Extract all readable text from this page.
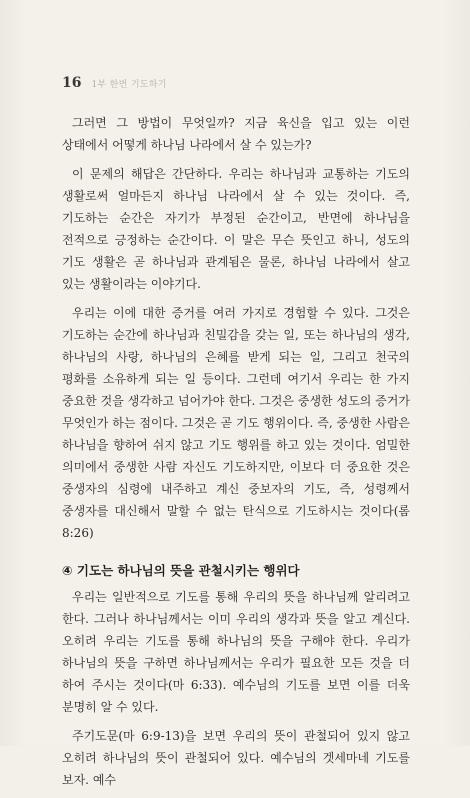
16 1부 한번 기도하기

그러면 그 방법이 무엇일까? 지금 육신을 입고 있는 이런 상태에서 어떻게 하나님 나라에서 살 수 있는가?

이 문제의 해답은 간단하다. 우리는 하나님과 교통하는 기도의 생활로써 얼마든지 하나님 나라에서 살 수 있는 것이다. 즉, 기도하는 순간은 자기가 부정된 순간이고, 반면에 하나님을 전적으로 긍정하는 순간이다. 이 말은 무슨 뜻인고 하니, 성도의 기도 생활은 곧 하나님과 관계됨은 물론, 하나님 나라에서 살고 있는 생활이라는 이야기다.

우리는 이에 대한 증거를 여러 가지로 경험할 수 있다. 그것은 기도하는 순간에 하나님과 친밀감을 갖는 일, 또는 하나님의 생각, 하나님의 사랑, 하나님의 은혜를 받게 되는 일, 그리고 천국의 평화를 소유하게 되는 일 등이다. 그런데 여기서 우리는 한 가지 중요한 것을 생각하고 넘어가야 한다. 그것은 중생한 성도의 증거가 무엇인가 하는 점이다. 그것은 곧 기도 행위이다. 즉, 중생한 사람은 하나님을 향하여 쉬지 않고 기도 행위를 하고 있는 것이다. 엄밀한 의미에서 중생한 사람 자신도 기도하지만, 이보다 더 중요한 것은 중생자의 심령에 내주하고 계신 중보자의 기도, 즉, 성령께서 중생자를 대신해서 말할 수 없는 탄식으로 기도하시는 것이다(롬 8:26)

④ 기도는 하나님의 뜻을 관철시키는 행위다

우리는 일반적으로 기도를 통해 우리의 뜻을 하나님께 알리려고 한다. 그러나 하나님께서는 이미 우리의 생각과 뜻을 알고 계신다. 오히려 우리는 기도를 통해 하나님의 뜻을 구해야 한다. 우리가 하나님의 뜻을 구하면 하나님께서는 우리가 필요한 모든 것을 더 하여 주시는 것이다(마 6:33). 예수님의 기도를 보면 이를 더욱 분명히 알 수 있다.

주기도문(마 6:9-13)을 보면 우리의 뜻이 관철되어 있지 않고 오히려 하나님의 뜻이 관철되어 있다. 예수님의 겟세마네 기도를 보자. 예수
